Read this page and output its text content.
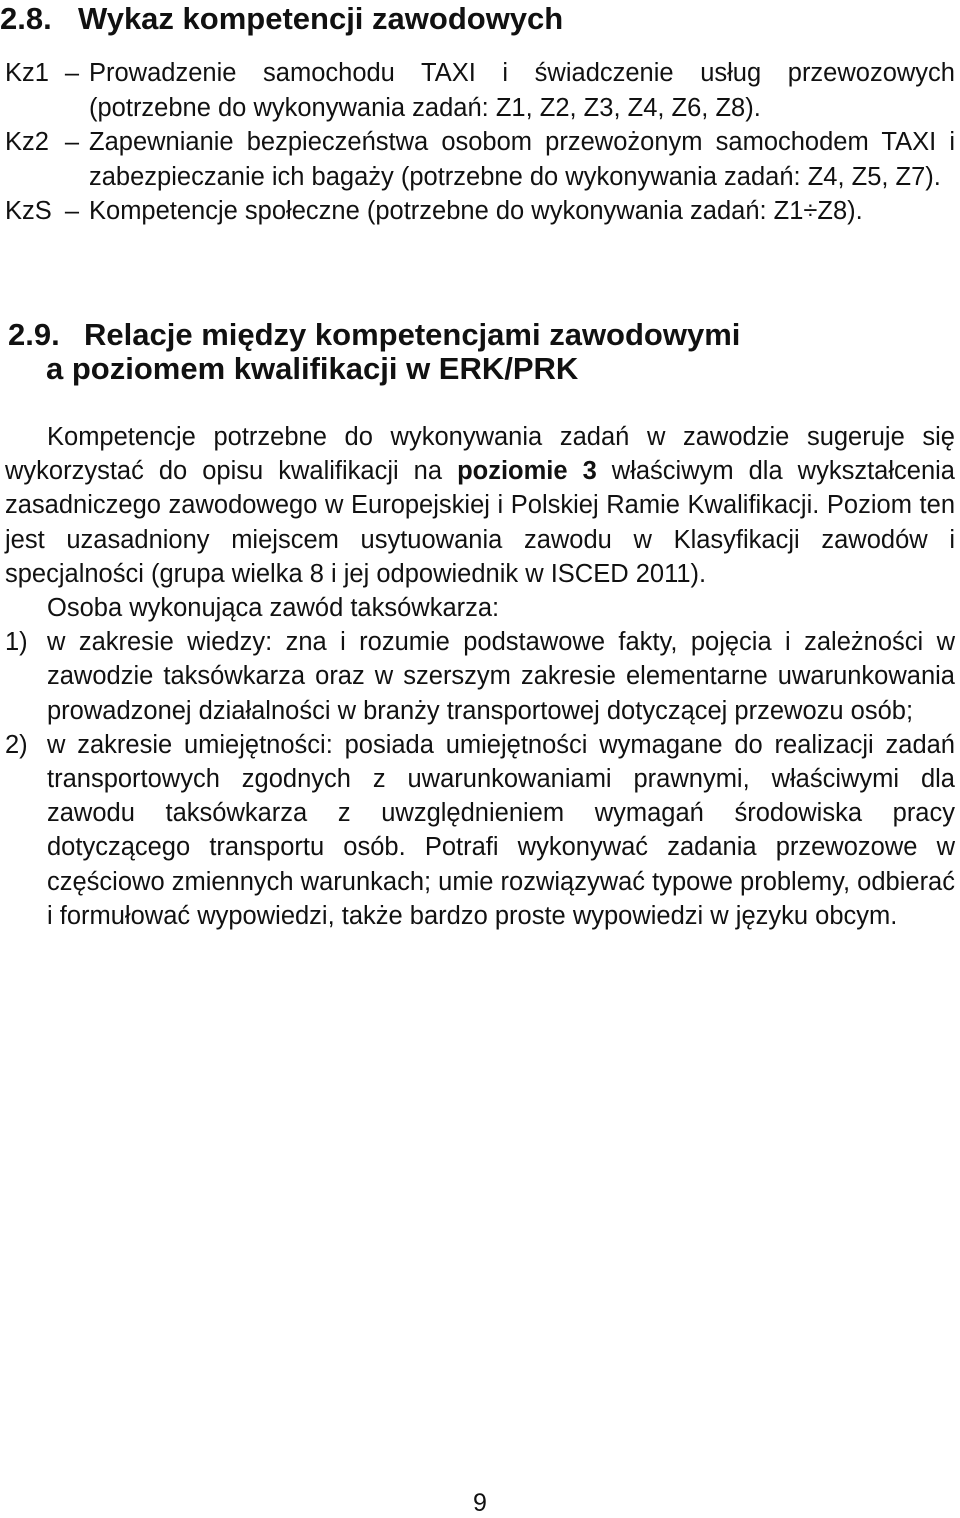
2.8. Wykaz kompetencji zawodowych
Kz1 – Prowadzenie samochodu TAXI i świadczenie usług przewozowych (potrzebne do wykonywania zadań: Z1, Z2, Z3, Z4, Z6, Z8).
Kz2 – Zapewnianie bezpieczeństwa osobom przewożonym samochodem TAXI i zabezpieczanie ich bagaży (potrzebne do wykonywania zadań: Z4, Z5, Z7).
KzS – Kompetencje społeczne (potrzebne do wykonywania zadań: Z1÷Z8).
2.9. Relacje między kompetencjami zawodowymi
a poziomem kwalifikacji w ERK/PRK

Kompetencje potrzebne do wykonywania zadań w zawodzie sugeruje się wykorzystać do opisu kwalifikacji na poziomie 3 właściwym dla wykształcenia zasadniczego zawodowego w Europejskiej i Polskiej Ramie Kwalifikacji. Poziom ten jest uzasadniony miejscem usytuowania zawodu w Klasyfikacji zawodów i specjalności (grupa wielka 8 i jej odpowiednik w ISCED 2011).

Osoba wykonująca zawód taksówkarza:

1) w zakresie wiedzy: zna i rozumie podstawowe fakty, pojęcia i zależności w zawodzie taksówkarza oraz w szerszym zakresie elementarne uwarunkowania prowadzonej działalności w branży transportowej dotyczącej przewozu osób;
2) w zakresie umiejętności: posiada umiejętności wymagane do realizacji zadań transportowych zgodnych z uwarunkowaniami prawnymi, właściwymi dla zawodu taksówkarza z uwzględnieniem wymagań środowiska pracy dotyczącego transportu osób. Potrafi wykonywać zadania przewozowe w częściowo zmiennych warunkach; umie rozwiązywać typowe problemy, odbierać i formułować wypowiedzi, także bardzo proste wypowiedzi w języku obcym.
9
